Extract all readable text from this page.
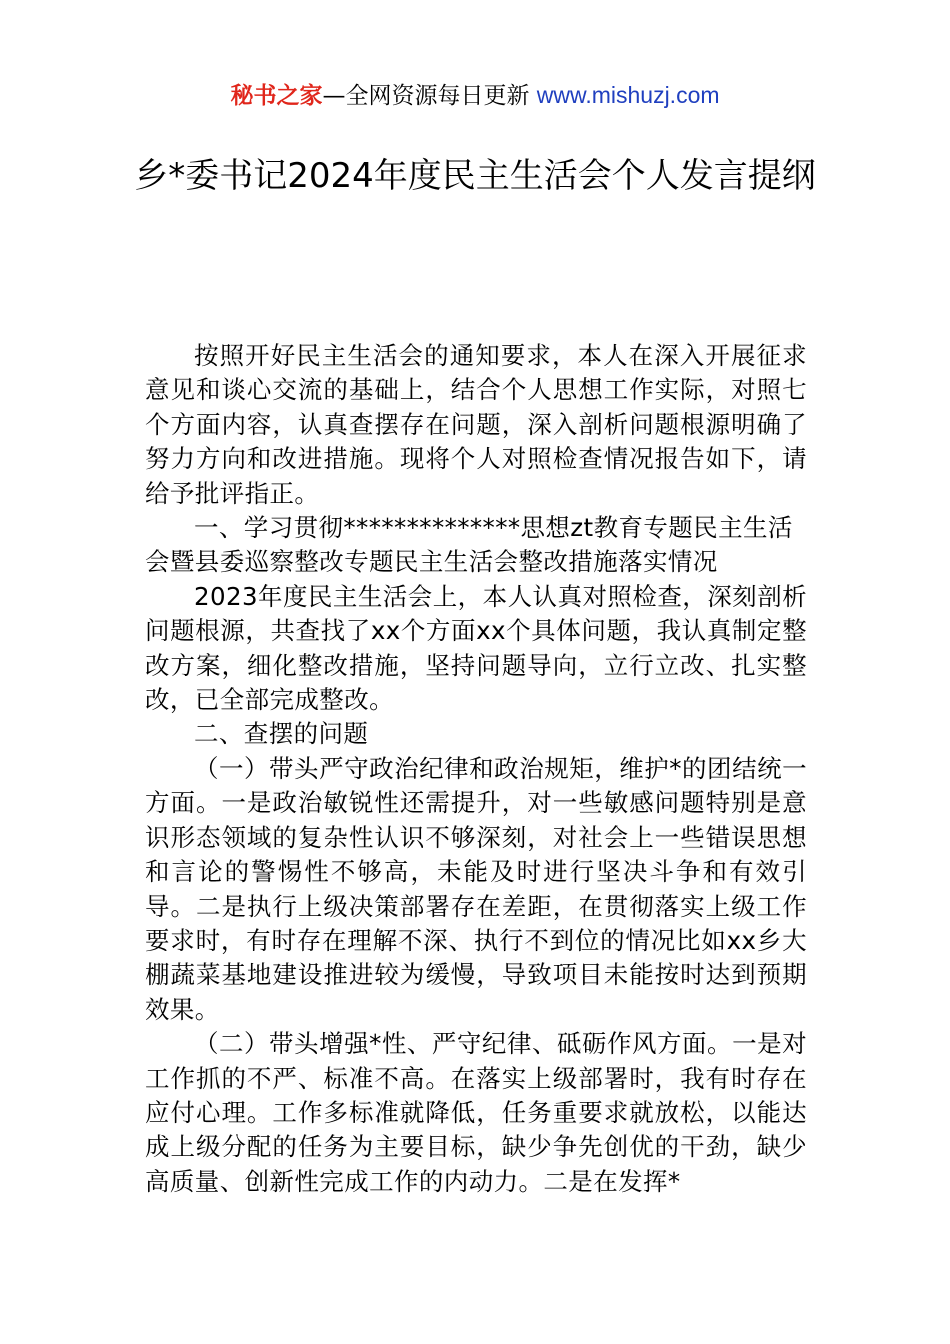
秘书之家—全网资源每日更新 www.mishuzj.com
乡*委书记2024年度民主生活会个人发言提纲

按照开好民主生活会的通知要求，本人在深入开展征求意见和谈心交流的基础上，结合个人思想工作实际，对照七个方面内容，认真查摆存在问题，深入剖析问题根源明确了努力方向和改进措施。现将个人对照检查情况报告如下，请给予批评指正。

一、学习贯彻**************思想zt教育专题民主生活会暨县委巡察整改专题民主生活会整改措施落实情况

2023年度民主生活会上，本人认真对照检查，深刻剖析问题根源，共查找了xx个方面xx个具体问题，我认真制定整改方案，细化整改措施，坚持问题导向，立行立改、扎实整改，已全部完成整改。

二、查摆的问题

（一）带头严守政治纪律和政治规矩，维护*的团结统一方面。一是政治敏锐性还需提升，对一些敏感问题特别是意识形态领域的复杂性认识不够深刻，对社会上一些错误思想和言论的警惕性不够高，未能及时进行坚决斗争和有效引导。二是执行上级决策部署存在差距，在贯彻落实上级工作要求时，有时存在理解不深、执行不到位的情况比如xx乡大棚蔬菜基地建设推进较为缓慢，导致项目未能按时达到预期效果。

（二）带头增强*性、严守纪律、砥砺作风方面。一是对工作抓的不严、标准不高。在落实上级部署时，我有时存在应付心理。工作多标准就降低，任务重要求就放松，以能达成上级分配的任务为主要目标，缺少争先创优的干劲，缺少高质量、创新性完成工作的内动力。二是在发挥*
